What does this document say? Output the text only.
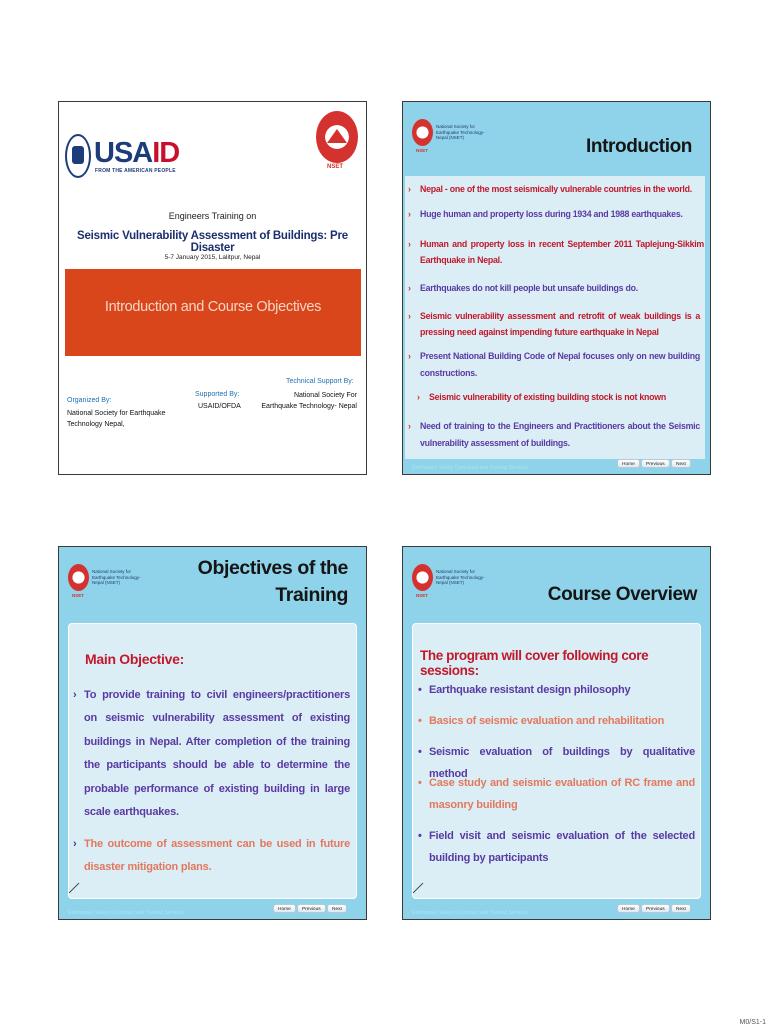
USAID
FROM THE AMERICAN PEOPLE
NSET
Engineers Training on
Seismic Vulnerability Assessment of Buildings: Pre Disaster
5-7 January 2015, Lalitpur, Nepal
Introduction and Course Objectives
Organized By:
National Society for Earthquake Technology Nepal,
Supported By:
USAID/OFDA
Technical Support By:
National Society For Earthquake Technology- Nepal
NSET
National Society for Earthquake Technology-Nepal (NSET)	Introduction
› Nepal - one of the most seismically vulnerable countries in the world.
› Huge human and property loss during 1934 and 1988 earthquakes.
› Human and property loss in recent September 2011 Taplejung-Sikkim Earthquake in Nepal.
› Earthquakes do not kill people but unsafe buildings do.
› Seismic vulnerability assessment and retrofit of weak buildings is a pressing need against impending future earthquake in Nepal
› Present National Building Code of Nepal focuses only on new building constructions.
› Seismic vulnerability of existing building stock is not known
› Need of training to the Engineers and Practitioners about the Seismic vulnerability assessment of buildings.
Earthquake Safety Consultant and Training Services
Home	Previous	Next
NSET
National Society for Earthquake Technology-Nepal (NSET)
Objectives of the
Training
Main Objective:
› To provide training to civil engineers/practitioners on seismic vulnerability assessment of existing buildings in Nepal. After completion of the training the participants should be able to determine the probable performance of existing building in large scale earthquakes.
› The outcome of assessment can be used in future disaster mitigation plans.
Earthquake Safety Consultant and Training Services
Home	Previous	Next
NSET
National Society for Earthquake Technology-Nepal (NSET)
Course Overview
The program will cover following core sessions:
• Earthquake resistant design philosophy
• Basics of seismic evaluation and rehabilitation
• Seismic evaluation of buildings by qualitative method
• Case study and seismic evaluation of RC frame and masonry building
• Field visit and seismic evaluation of the selected building by participants
Earthquake Safety Consultant and Training Services
Home	Previous	Next
M0/S1-1
